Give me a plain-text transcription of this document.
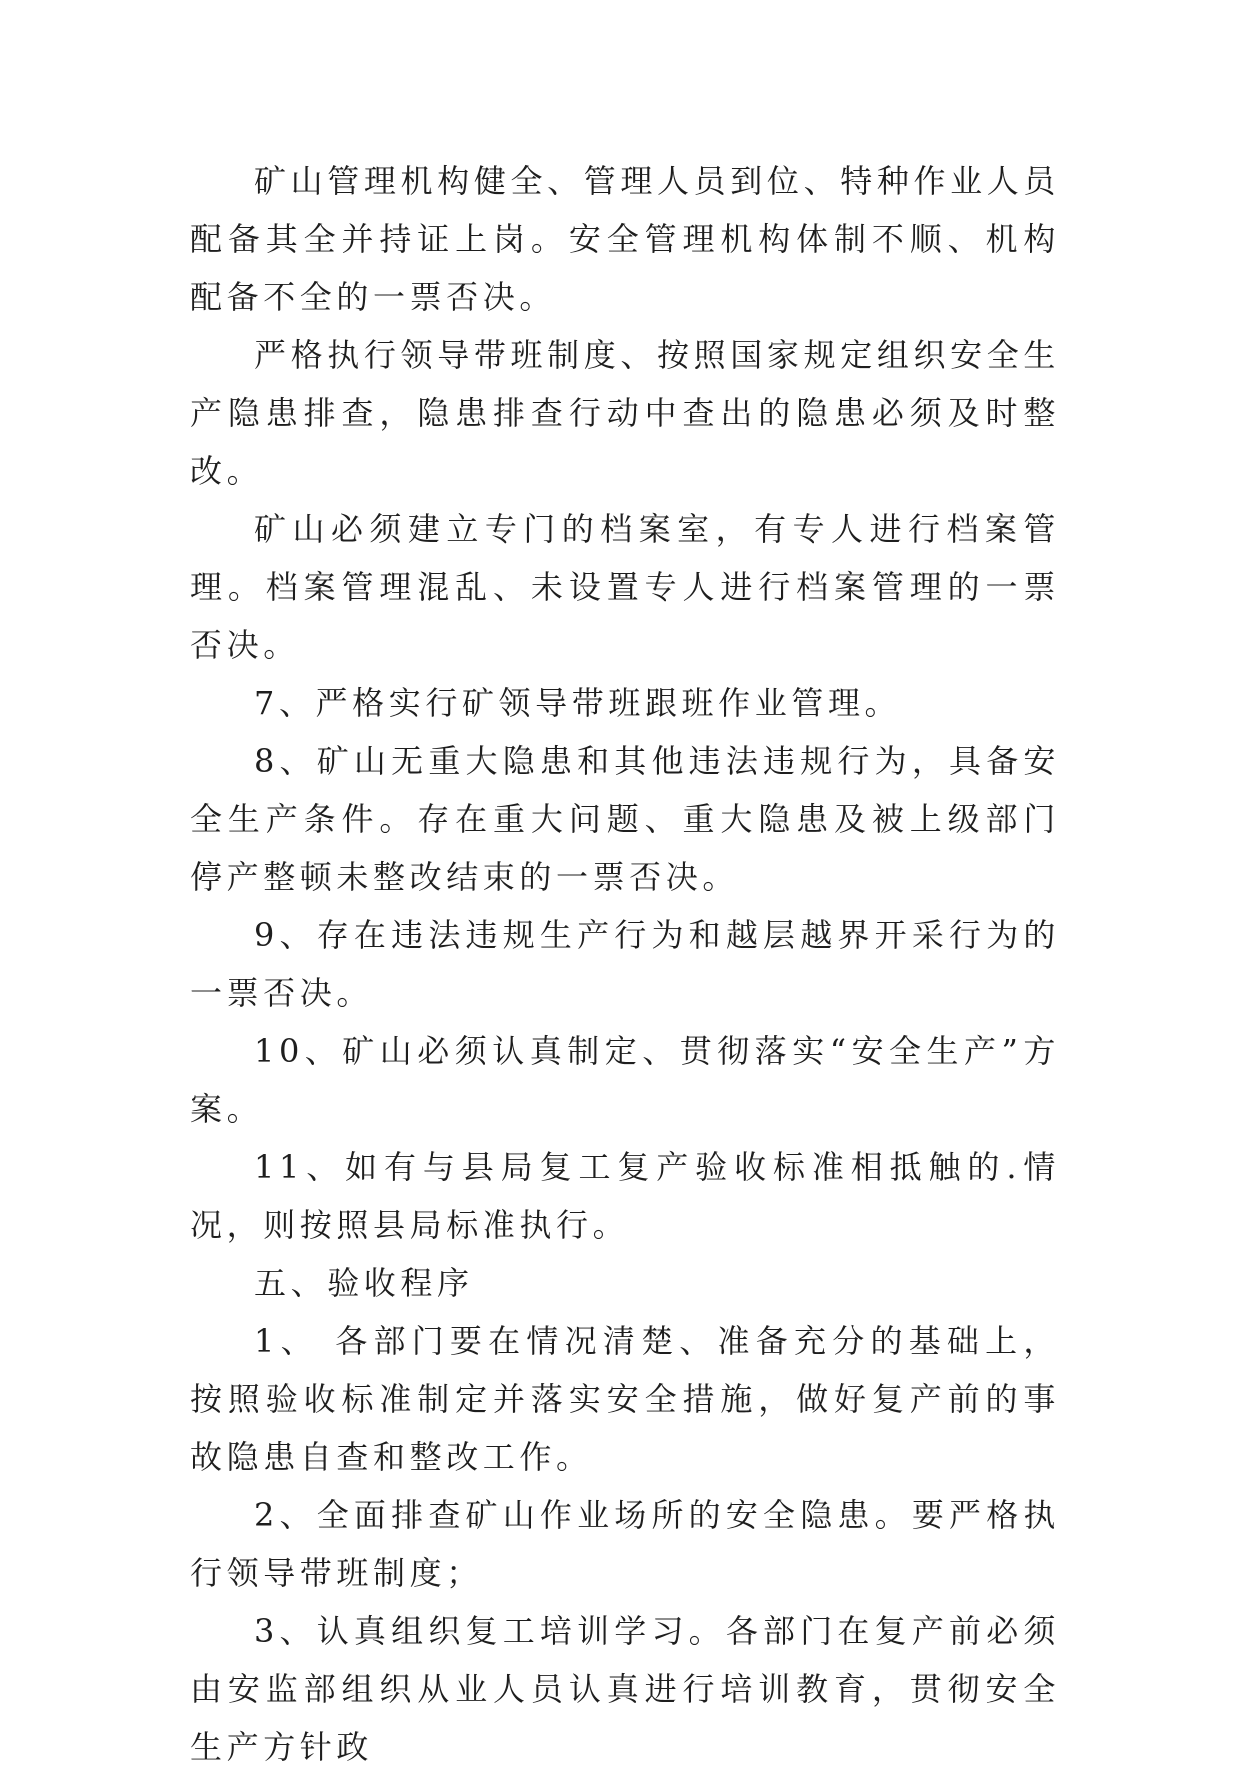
矿山管理机构健全、管理人员到位、特种作业人员配备其全并持证上岗。安全管理机构体制不顺、机构配备不全的一票否决。

严格执行领导带班制度、按照国家规定组织安全生产隐患排查，隐患排查行动中查出的隐患必须及时整改。

矿山必须建立专门的档案室，有专人进行档案管理。档案管理混乱、未设置专人进行档案管理的一票否决。

7、严格实行矿领导带班跟班作业管理。

8、矿山无重大隐患和其他违法违规行为，具备安全生产条件。存在重大问题、重大隐患及被上级部门停产整顿未整改结束的一票否决。

9、存在违法违规生产行为和越层越界开采行为的一票否决。

10、矿山必须认真制定、贯彻落实“安全生产”方案。

11、如有与县局复工复产验收标准相抵触的.情况，则按照县局标准执行。

五、验收程序

1、 各部门要在情况清楚、准备充分的基础上，按照验收标准制定并落实安全措施，做好复产前的事故隐患自查和整改工作。

2、全面排查矿山作业场所的安全隐患。要严格执行领导带班制度；

3、认真组织复工培训学习。各部门在复产前必须由安监部组织从业人员认真进行培训教育，贯彻安全生产方针政
